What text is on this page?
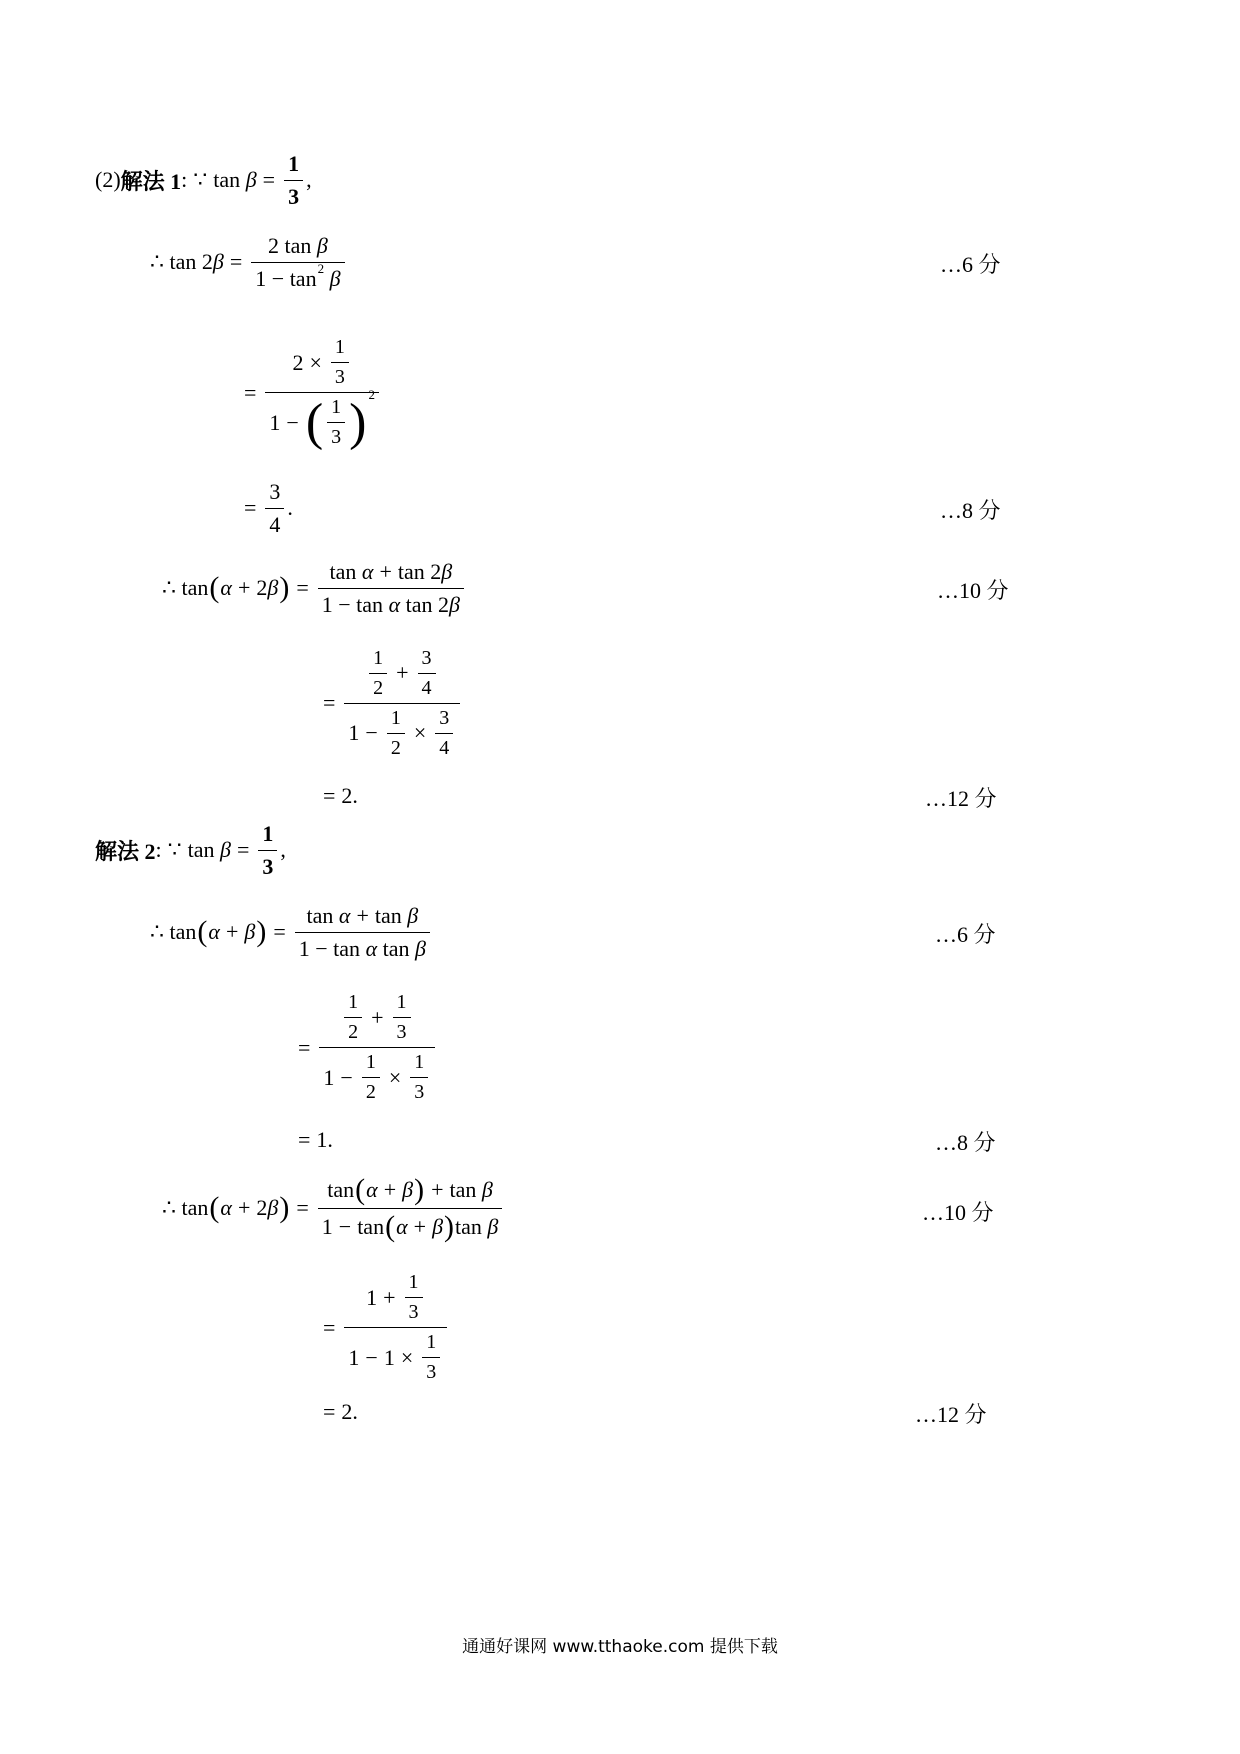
(2) 解法 1 : ∵ tan
$\beta = \frac{1}{3}$ ,
∴
tan 2 β = 2 tan β
1 − tan 2
β	…6 分
= $\frac{2 \times \frac{1}{3}}{1 - ( \frac{1}{3} ) 2}$
= $\frac{3}{4}$ .	…8 分
∴
tan ( α + 2 β ) = $\frac{\text{tan α + tan 2 β}}{\text{1 − tan α tan 2 β}}$	…10 分
= $\frac{\frac{1}{2} + \frac{3}{4}}{1 - \frac{1}{2} \times \frac{3}{4}}$
= 2.	…12 分
解法 2 : ∵ tan
$\beta = \frac{1}{3}$ ,
∴
tan ( α + β ) = $\frac{\text{tan α + tan β}}{\text{1 − tan α tan β}}$	…6 分
= $\frac{\frac{1}{2} + \frac{1}{3}}{1 - \frac{1}{2} \times \frac{1}{3}}$
= 1.	…8 分
∴
tan ( α + 2 β ) = $\frac{\text{tan ( α + β ) + tan β}}{\text{1 − tan ( α + β ) tan β}}$	…10 分
= $\frac{1 + \frac{1}{3}}{1 - 1 \times \frac{1}{3}}$
= 2.	…12 分
通通好课网 www.tthaoke.com 提供下载
